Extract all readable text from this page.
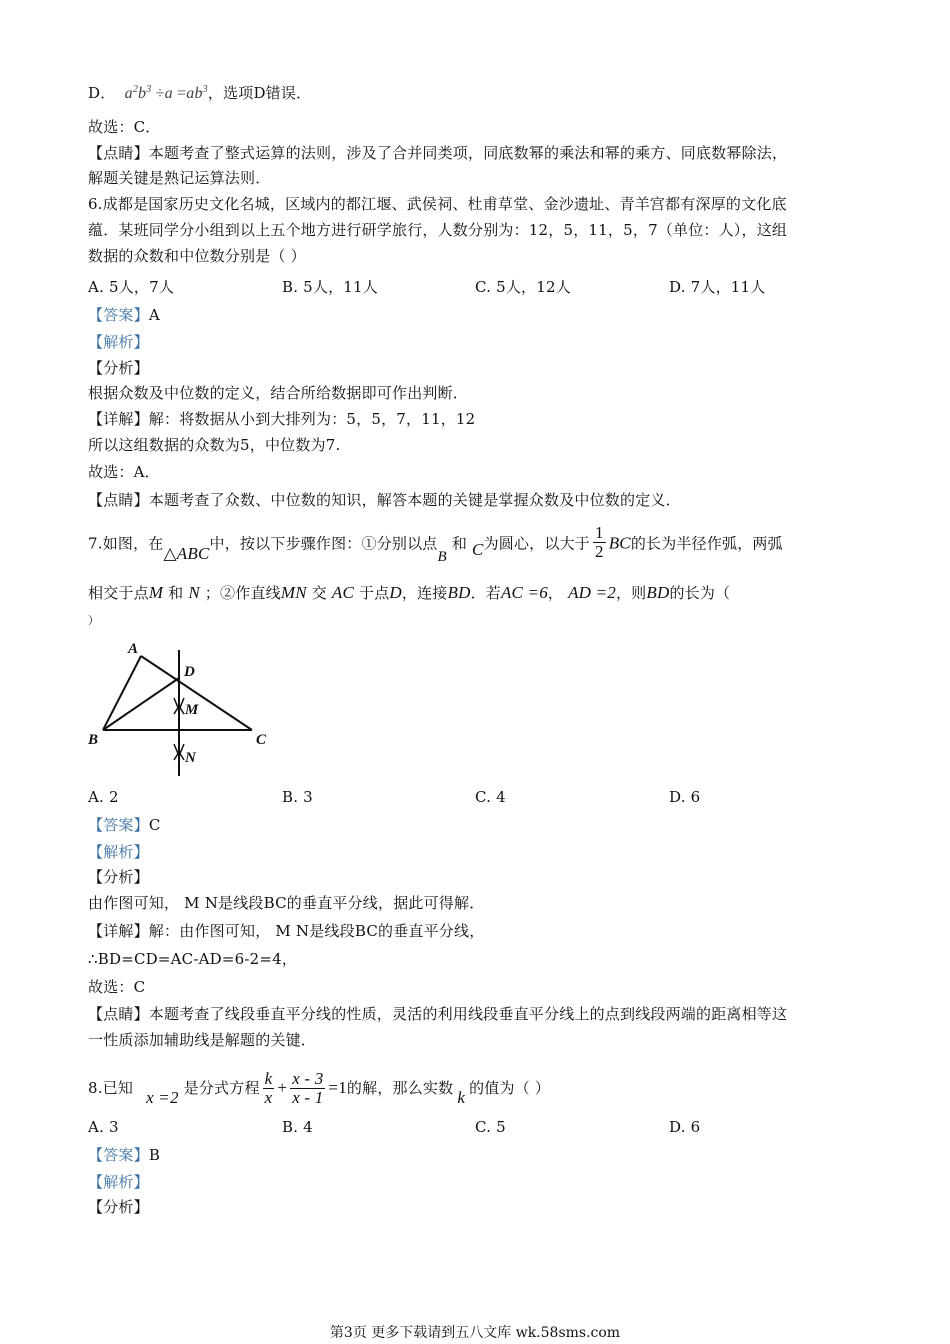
D．  $a^2b^3 \div a =ab^3$，选项D错误．
故选：C．
【点睛】本题考查了整式运算的法则，涉及了合并同类项，同底数幂的乘法和幂的乘方、同底数幂除法，
解题关键是熟记运算法则．
6.成都是国家历史文化名城，区域内的都江堰、武侯祠、杜甫草堂、金沙遗址、青羊宫都有深厚的文化底
蕴．某班同学分小组到以上五个地方进行研学旅行，人数分别为：12，5，11，5，7（单位：人），这组
数据的众数和中位数分别是（ ）
A. 5人，7人	B. 5人，11人	C. 5人，12人	D. 7人，11人
【答案】A
【解析】
【分析】
根据众数及中位数的定义，结合所给数据即可作出判断．
【详解】解：将数据从小到大排列为：5，5，7，11，12
所以这组数据的众数为5，中位数为7.
故选：A．
【点睛】本题考查了众数、中位数的知识，解答本题的关键是掌握众数及中位数的定义．
7.如图，在△ABC中，按以下步骤作图：①分别以点B 和 C为圆心，以大于 $\frac{1}{2}$ BC的长为半径作弧，两弧
相交于点M 和 N ；②作直线MN 交 AC 于点D，连接BD．若AC =6， AD =2，则BD的长为（
）
A
B	C
D
M
N
A. 2	B. 3	C. 4	D. 6
【答案】C
【解析】
【分析】
由作图可知， M N是线段BC的垂直平分线，据此可得解．
【详解】解：由作图可知， M N是线段BC的垂直平分线，
∴BD=CD=AC-AD=6-2=4，
故选：C
【点睛】本题考查了线段垂直平分线的性质，灵活的利用线段垂直平分线上的点到线段两端的距离相等这
一性质添加辅助线是解题的关键．
8.已知 x =2 是分式方程 $\frac{k}{x} + \frac{x - 3}{x - 1} =1$的解，那么实数 k 的值为（ ）
A. 3	B. 4	C. 5	D. 6
【答案】B
【解析】
【分析】
第3页 更多下载请到五八文库 wk.58sms.com
